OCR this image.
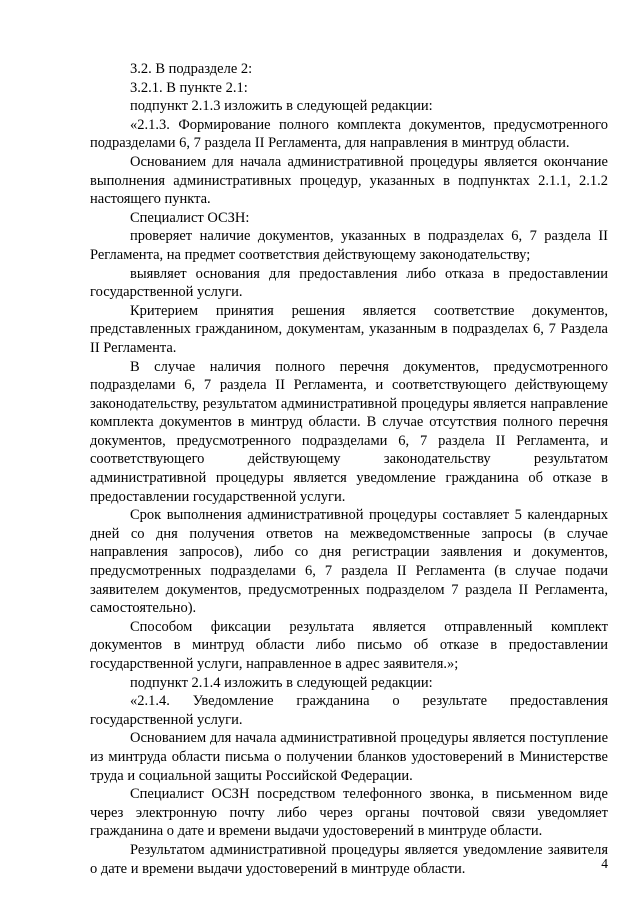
3.2. В подразделе 2:

3.2.1. В пункте 2.1:

подпункт 2.1.3 изложить в следующей редакции:

«2.1.3. Формирование полного комплекта документов, предусмотренного подразделами 6, 7 раздела II Регламента, для направления в минтруд области.

Основанием для начала административной процедуры является окончание выполнения административных процедур, указанных в подпунктах 2.1.1, 2.1.2 настоящего пункта.

Специалист ОСЗН:

проверяет наличие документов, указанных в подразделах 6, 7 раздела II Регламента, на предмет соответствия действующему законодательству;

выявляет основания для предоставления либо отказа в предоставлении государственной услуги.

Критерием принятия решения является соответствие документов, представленных гражданином, документам, указанным в подразделах 6, 7 Раздела II Регламента.

В случае наличия полного перечня документов, предусмотренного подразделами 6, 7 раздела II Регламента, и соответствующего действующему законодательству, результатом административной процедуры является направление комплекта документов в минтруд области. В случае отсутствия полного перечня документов, предусмотренного подразделами 6, 7 раздела II Регламента, и соответствующего действующему законодательству результатом административной процедуры является уведомление гражданина об отказе в предоставлении государственной услуги.

Срок выполнения административной процедуры составляет 5 календарных дней со дня получения ответов на межведомственные запросы (в случае направления запросов), либо со дня регистрации заявления и документов, предусмотренных подразделами 6, 7 раздела II Регламента (в случае подачи заявителем документов, предусмотренных подразделом 7 раздела II Регламента, самостоятельно).

Способом фиксации результата является отправленный комплект документов в минтруд области либо письмо об отказе в предоставлении государственной услуги, направленное в адрес заявителя.»;

подпункт 2.1.4 изложить в следующей редакции:

«2.1.4. Уведомление гражданина о результате предоставления государственной услуги.

Основанием для начала административной процедуры является поступление из минтруда области письма о получении бланков удостоверений в Министерстве труда и социальной защиты Российской Федерации.

Специалист ОСЗН посредством телефонного звонка, в письменном виде через электронную почту либо через органы почтовой связи уведомляет гражданина о дате и времени выдачи удостоверений в минтруде области.

Результатом административной процедуры является уведомление заявителя о дате и времени выдачи удостоверений в минтруде области.	4
